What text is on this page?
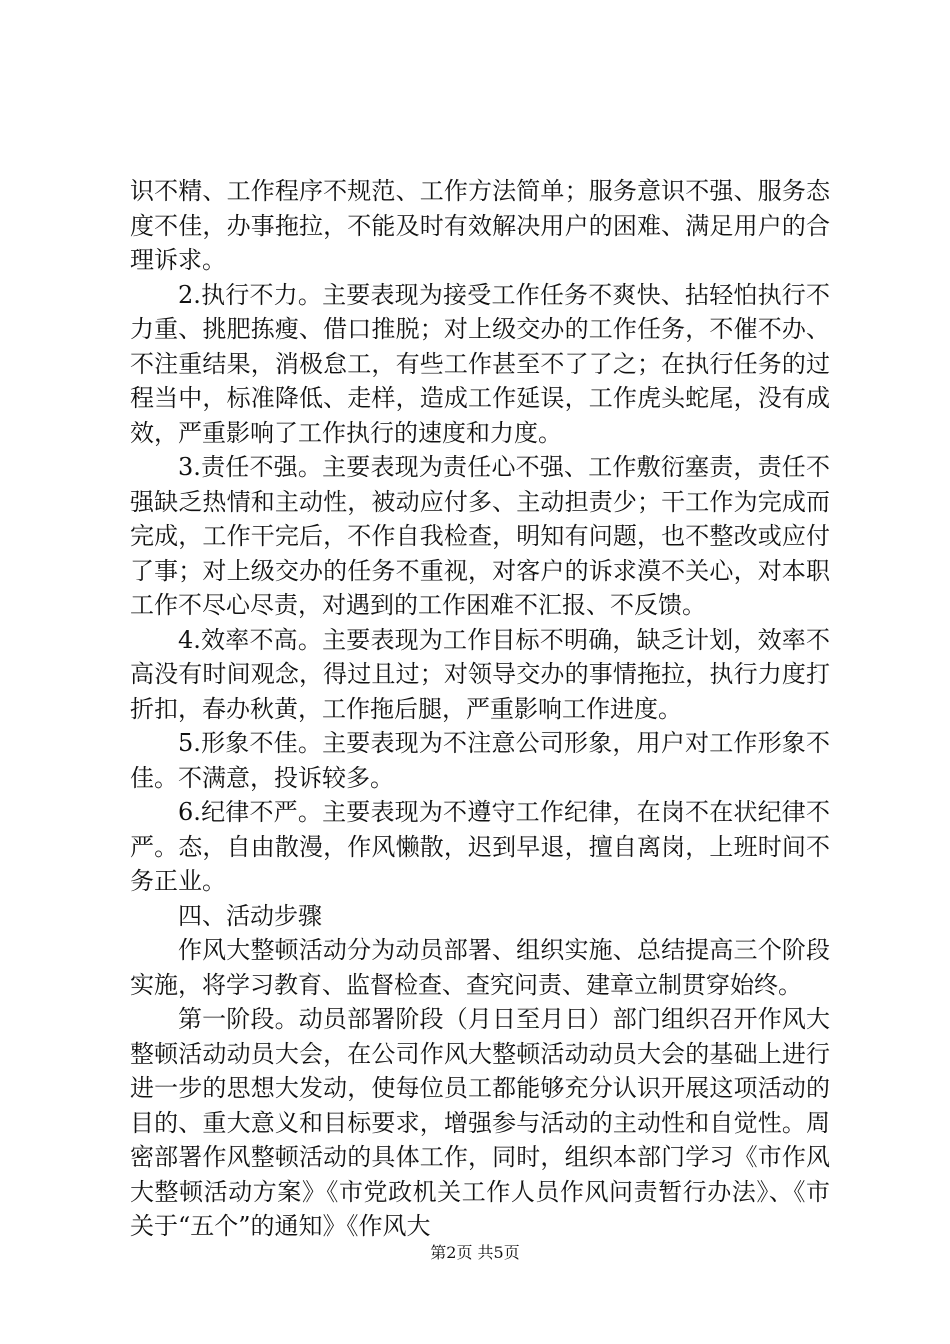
识不精、工作程序不规范、工作方法简单；服务意识不强、服务态度不佳，办事拖拉，不能及时有效解决用户的困难、满足用户的合理诉求。

2.执行不力。主要表现为接受工作任务不爽快、拈轻怕执行不力重、挑肥拣瘦、借口推脱；对上级交办的工作任务，不催不办、不注重结果，消极怠工，有些工作甚至不了了之；在执行任务的过程当中，标准降低、走样，造成工作延误，工作虎头蛇尾，没有成效，严重影响了工作执行的速度和力度。

3.责任不强。主要表现为责任心不强、工作敷衍塞责，责任不强缺乏热情和主动性，被动应付多、主动担责少；干工作为完成而完成，工作干完后，不作自我检查，明知有问题，也不整改或应付了事；对上级交办的任务不重视，对客户的诉求漠不关心，对本职工作不尽心尽责，对遇到的工作困难不汇报、不反馈。

4.效率不高。主要表现为工作目标不明确，缺乏计划，效率不高没有时间观念，得过且过；对领导交办的事情拖拉，执行力度打折扣，春办秋黄，工作拖后腿，严重影响工作进度。

5.形象不佳。主要表现为不注意公司形象，用户对工作形象不佳。不满意，投诉较多。

6.纪律不严。主要表现为不遵守工作纪律，在岗不在状纪律不严。态，自由散漫，作风懒散，迟到早退，擅自离岗，上班时间不务正业。

四、活动步骤

作风大整顿活动分为动员部署、组织实施、总结提高三个阶段实施，将学习教育、监督检查、查究问责、建章立制贯穿始终。

第一阶段。动员部署阶段（月日至月日）部门组织召开作风大整顿活动动员大会，在公司作风大整顿活动动员大会的基础上进行进一步的思想大发动，使每位员工都能够充分认识开展这项活动的目的、重大意义和目标要求，增强参与活动的主动性和自觉性。周密部署作风整顿活动的具体工作，同时，组织本部门学习《市作风大整顿活动方案》《市党政机关工作人员作风问责暂行办法》、《市关于“五个”的通知》《作风大

第2页 共5页
